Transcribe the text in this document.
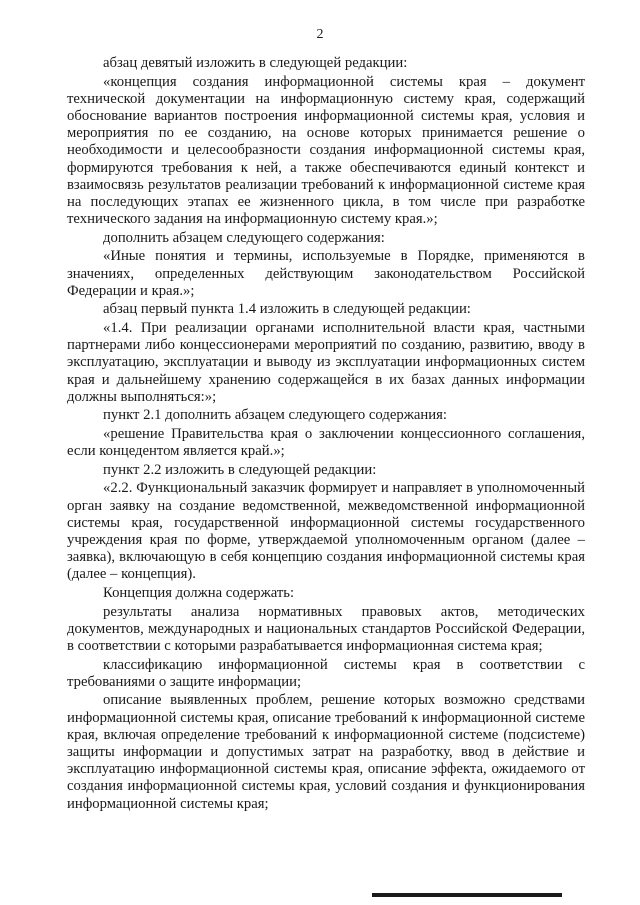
2

абзац девятый изложить в следующей редакции:

«концепция создания информационной системы края – документ технической документации на информационную систему края, содержащий обоснование вариантов построения информационной системы края, условия и мероприятия по ее созданию, на основе которых принимается решение о необходимости и целесообразности создания информационной системы края, формируются требования к ней, а также обеспечиваются единый контекст и взаимосвязь результатов реализации требований к информационной системе края на последующих этапах ее жизненного цикла, в том числе при разработке технического задания на информационную систему края.»;

дополнить абзацем следующего содержания:

«Иные понятия и термины, используемые в Порядке, применяются в значениях, определенных действующим законодательством Российской Федерации и края.»;

абзац первый пункта 1.4 изложить в следующей редакции:

«1.4. При реализации органами исполнительной власти края, частными партнерами либо концессионерами мероприятий по созданию, развитию, вводу в эксплуатацию, эксплуатации и выводу из эксплуатации информационных систем края и дальнейшему хранению содержащейся в их базах данных информации должны выполняться:»;

пункт 2.1 дополнить абзацем следующего содержания:

«решение Правительства края о заключении концессионного соглашения, если концедентом является край.»;

пункт 2.2 изложить в следующей редакции:

«2.2. Функциональный заказчик формирует и направляет в уполномоченный орган заявку на создание ведомственной, межведомственной информационной системы края, государственной информационной системы государственного учреждения края по форме, утверждаемой уполномоченным органом (далее – заявка), включающую в себя концепцию создания информационной системы края (далее – концепция).

Концепция должна содержать:

результаты анализа нормативных правовых актов, методических документов, международных и национальных стандартов Российской Федерации, в соответствии с которыми разрабатывается информационная система края;

классификацию информационной системы края в соответствии с требованиями о защите информации;

описание выявленных проблем, решение которых возможно средствами информационной системы края, описание требований к информационной системе края, включая определение требований к информационной системе (подсистеме) защиты информации и допустимых затрат на разработку, ввод в действие и эксплуатацию информационной системы края, описание эффекта, ожидаемого от создания информационной системы края, условий создания и функционирования информационной системы края;
